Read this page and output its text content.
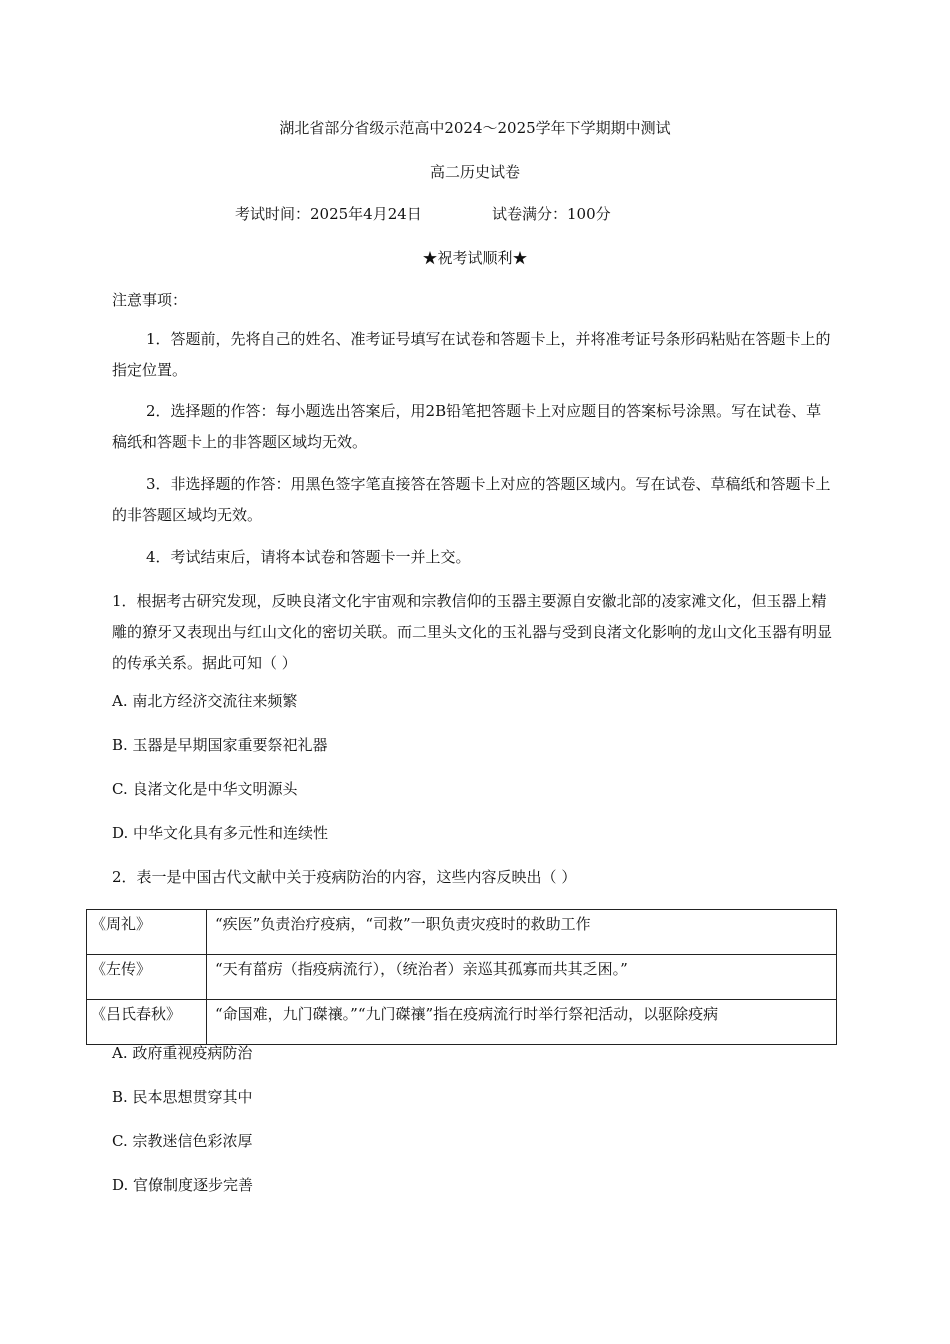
湖北省部分省级示范高中2024～2025学年下学期期中测试
高二历史试卷
考试时间：2025年4月24日	试卷满分：100分
★祝考试顺利★
注意事项：
1．答题前，先将自己的姓名、准考证号填写在试卷和答题卡上，并将准考证号条形码粘贴在答题卡上的指定位置。
2．选择题的作答：每小题选出答案后，用2B铅笔把答题卡上对应题目的答案标号涂黑。写在试卷、草稿纸和答题卡上的非答题区域均无效。
3．非选择题的作答：用黑色签字笔直接答在答题卡上对应的答题区域内。写在试卷、草稿纸和答题卡上的非答题区域均无效。
4．考试结束后，请将本试卷和答题卡一并上交。
1．根据考古研究发现，反映良渚文化宇宙观和宗教信仰的玉器主要源自安徽北部的凌家滩文化，但玉器上精雕的獠牙又表现出与红山文化的密切关联。而二里头文化的玉礼器与受到良渚文化影响的龙山文化玉器有明显的传承关系。据此可知（ ）
A. 南北方经济交流往来频繁
B. 玉器是早期国家重要祭祀礼器
C. 良渚文化是中华文明源头
D. 中华文化具有多元性和连续性
2．表一是中国古代文献中关于疫病防治的内容，这些内容反映出（ ）
《周礼》	“疾医”负责治疗疫病，“司救”一职负责灾疫时的救助工作
《左传》	“天有菑疠（指疫病流行），（统治者）亲巡其孤寡而共其乏困。”
《吕氏春秋》	“命国难，九门磔禳。”“九门磔禳”指在疫病流行时举行祭祀活动，以驱除疫病
A. 政府重视疫病防治
B. 民本思想贯穿其中
C. 宗教迷信色彩浓厚
D. 官僚制度逐步完善
